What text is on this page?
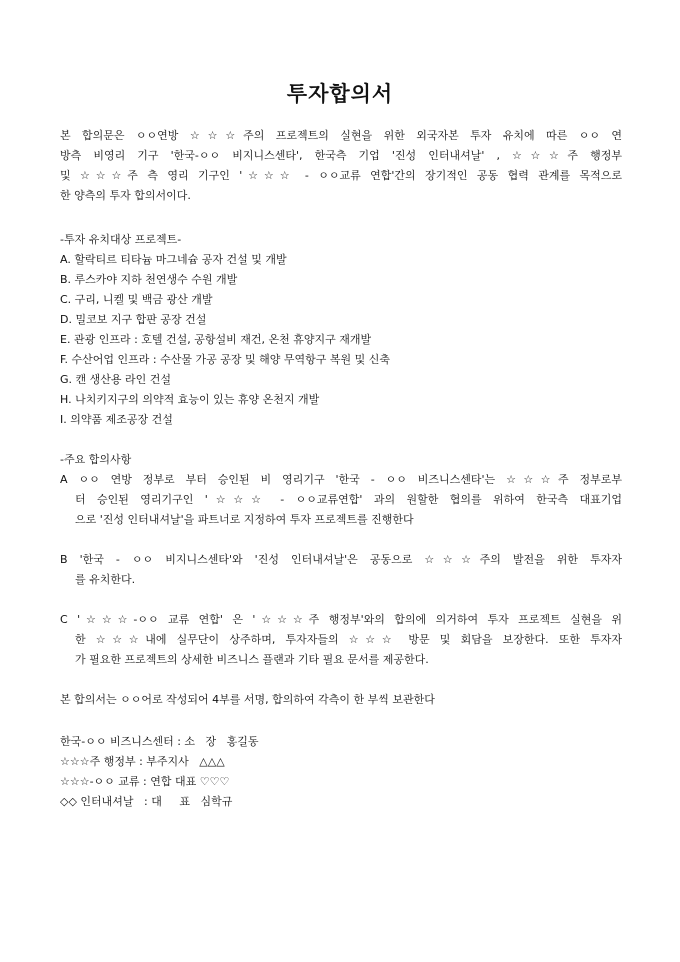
투자합의서
본 합의문은 ㅇㅇ연방 ☆☆☆주의 프로젝트의 실현을 위한 외국자본 투자 유치에 따른 ㅇㅇ 연
방측 비영리 기구 '한국-ㅇㅇ 비지니스센타', 한국측 기업 '진성 인터내셔날' , ☆☆☆주 행정부
및 ☆☆☆주 측 영리 기구인 '☆☆☆ - ㅇㅇ교류 연합'간의 장기적인 공동 협력 관계를 목적으로
한 양측의 투자 합의서이다.
-투자 유치대상 프로젝트-
A. 할락티르 티타늄 마그네슘 공자 건설 및 개발
B. 루스카야 지하 천연생수 수원 개발
C. 구리, 니켈 및 백금 광산 개발
D. 밀코보 지구 합판 공장 건설
E. 관광 인프라 : 호텔 건설, 공항설비 재건, 온천 휴양지구 재개발
F. 수산어업 인프라 : 수산물 가공 공장 및 해양 무역항구 복원 및 신축
G. 캔 생산용 라인 건설
H. 나치키지구의 의약적 효능이 있는 휴양 온천지 개발
I. 의약품 제조공장 건설
-주요 합의사항
A ㅇㅇ 연방 정부로 부터 승인된 비 영리기구 '한국 - ㅇㅇ 비즈니스센타'는 ☆☆☆주 정부로부
터 승인된 영리기구인 '☆☆☆ - ㅇㅇ교류연합' 과의 원할한 협의를 위하여 한국측 대표기업
으로 '진성 인터내셔날'을 파트너로 지정하여 투자 프로젝트를 진행한다
B '한국 - ㅇㅇ 비지니스센타'와 '진성 인터내셔날'은 공동으로 ☆☆☆주의 발전을 위한 투자자
를 유치한다.
C '☆☆☆-ㅇㅇ 교류 연합' 은 '☆☆☆주 행정부'와의 합의에 의거하여 투자 프로젝트 실현을 위
한 ☆☆☆내에 실무단이 상주하며, 투자자들의 ☆☆☆ 방문 및 회담을 보장한다. 또한 투자자
가 필요한 프로젝트의 상세한 비즈니스 플랜과 기타 필요 문서를 제공한다.
본 합의서는 ㅇㅇ어로 작성되어 4부를 서명, 합의하여 각측이 한 부씩 보관한다
한국-ㅇㅇ 비즈니스센터 : 소   장   홍길동
☆☆☆주 행정부 : 부주지사   △△△
☆☆☆-ㅇㅇ 교류 : 연합 대표 ♡♡♡
◇◇ 인터내셔날   : 대     표   심학규
